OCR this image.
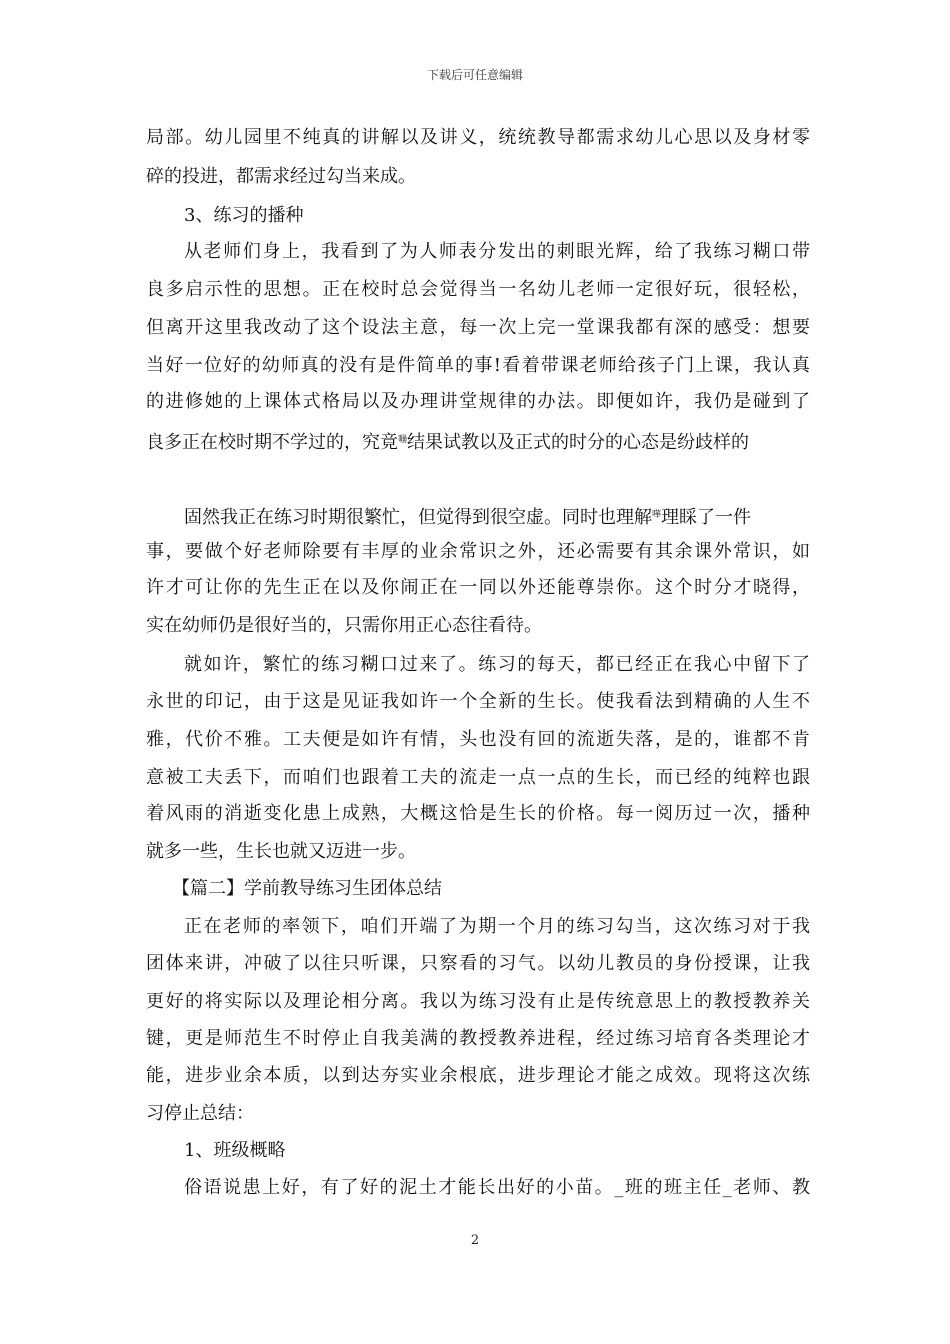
下载后可任意编辑
局部。幼儿园里不纯真的讲解以及讲义，统统教导都需求幼儿心思以及身材零
碎的投进，都需求经过勾当来成。
3、练习的播种
从老师们身上，我看到了为人师表分发出的刺眼光辉，给了我练习糊口带
良多启示性的思想。正在校时总会觉得当一名幼儿老师一定很好玩，很轻松，
但离开这里我改动了这个设法主意，每一次上完一堂课我都有深的感受：想要
当好一位好的幼师真的没有是件简单的事!看着带课老师给孩子门上课，我认真
的进修她的上课体式格局以及办理讲堂规律的办法。即便如许，我仍是碰到了
良多正在校时期不学过的，究竟$^嘣$结果试教以及正式的时分的心态是纷歧样的
固然我正在练习时期很繁忙，但觉得到很空虚。同时也理解$^嘩$理睬了一件
事，要做个好老师除要有丰厚的业余常识之外，还必需要有其余课外常识，如
许才可让你的先生正在以及你闹正在一同以外还能尊崇你。这个时分才晓得，
实在幼师仍是很好当的，只需你用正心态往看待。
就如许，繁忙的练习糊口过来了。练习的每天，都已经正在我心中留下了
永世的印记，由于这是见证我如许一个全新的生长。使我看法到精确的人生不
雅，代价不雅。工夫便是如许有情，头也没有回的流逝失落，是的，谁都不肯
意被工夫丢下，而咱们也跟着工夫的流走一点一点的生长，而已经的纯粹也跟
着风雨的消逝变化患上成熟，大概这恰是生长的价格。每一阅历过一次，播种
就多一些，生长也就又迈进一步。
【篇二】学前教导练习生团体总结
正在老师的率领下，咱们开端了为期一个月的练习勾当，这次练习对于我
团体来讲，冲破了以往只听课，只察看的习气。以幼儿教员的身份授课，让我
更好的将实际以及理论相分离。我以为练习没有止是传统意思上的教授教养关
键，更是师范生不时停止自我美满的教授教养进程，经过练习培育各类理论才
能，进步业余本质，以到达夯实业余根底，进步理论才能之成效。现将这次练
习停止总结：
1、班级概略
俗语说患上好，有了好的泥土才能长出好的小苗。_班的班主任_老师、教
2
